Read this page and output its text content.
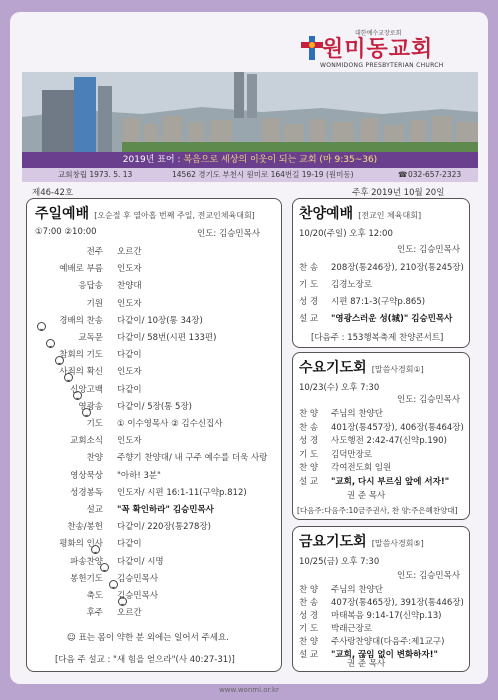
대한예수교장로회
원미동교회
WONMIDONG PRESBYTERIAN CHURCH
2019년 표어 : 복음으로 세상의 이웃이 되는 교회 (마 9:35~36)
교회창립 1973. 5. 13	14562 경기도 부천시 원미로 164번길 19-19 (원미동)	☎ 032-657-2323
제46-42호	주후 2019년 10월 20일
주일예배 [오순절 후 열아홉 번째 주일, 전교인체육대회]
①7:00 ②10:00	인도: 김승민목사
전주 오르간
예배로 부름 인도자
응답송 찬양대
기원 인도자
경배의 찬송 다같이/ 10장(통 34장)
교독문 다같이/ 58번(시편 133편)
참회의 기도 다같이
사죄의 확신 인도자
신앙고백 다같이
영광송 다같이/ 5장(통 5장)
기도 ① 이수영목사 ② 김수신집사
교회소식 인도자
찬양 주향기 찬양대/ 내 구주 예수를 더욱 사랑
영상묵상 "아하! 3분"
성경봉독 인도자/ 시편 16:1-11(구약p.812)
설교 "꼭 확인하라" 김승민목사
찬송/봉헌 다같이/ 220장(통278장)
평화의 인사 다같이
파송찬양 다같이/ 시명
봉헌기도 김승민목사
축도 김승민목사
후주 오르간
☺ 표는 몸이 약한 분 외에는 일어서 주세요.
[다음 주 설교 : "새 힘을 얻으라"(사 40:27-31)]
찬양예배 [전교인 체육대회]
10/20(주일) 오후 12:00
인도: 김승민목사
찬 송 208장(통246장), 210장(통245장)
기 도 김경노장로
성 경 시편 87:1-3(구약p.865)
설 교 "영광스러운 성(城)" 김승민목사
[다음주 : 153행복축제 찬양콘서트]
수요기도회 [말씀사경회①]
10/23(수) 오후 7:30
인도: 김승민목사
찬 양 주님의 찬양단
찬 송 401장(통457장), 406장(통464장)
성 경 사도행전 2:42-47(신약p.190)
기 도 김덕만장로
찬 양 각여전도회 임원
설 교 "교회, 다시 부르심 앞에 서자!"
권 준 목사
[다음주:다음주:10금주권사, 찬 양:주은혜찬양대]
금요기도회 [말씀사경회⑤]
10/25(금) 오후 7:30
인도: 김승민목사
찬 양 주님의 찬양단
찬 송 407장(통465장), 391장(통446장)
성 경 마태복음 9:14-17(신약p.13)
기 도 박래근장로
찬 양 주사랑찬양대(다음주:제1교구)
설 교 "교회, 끊임 없이 변화하자!"
권 준 목사
www.wonmi.or.kr
